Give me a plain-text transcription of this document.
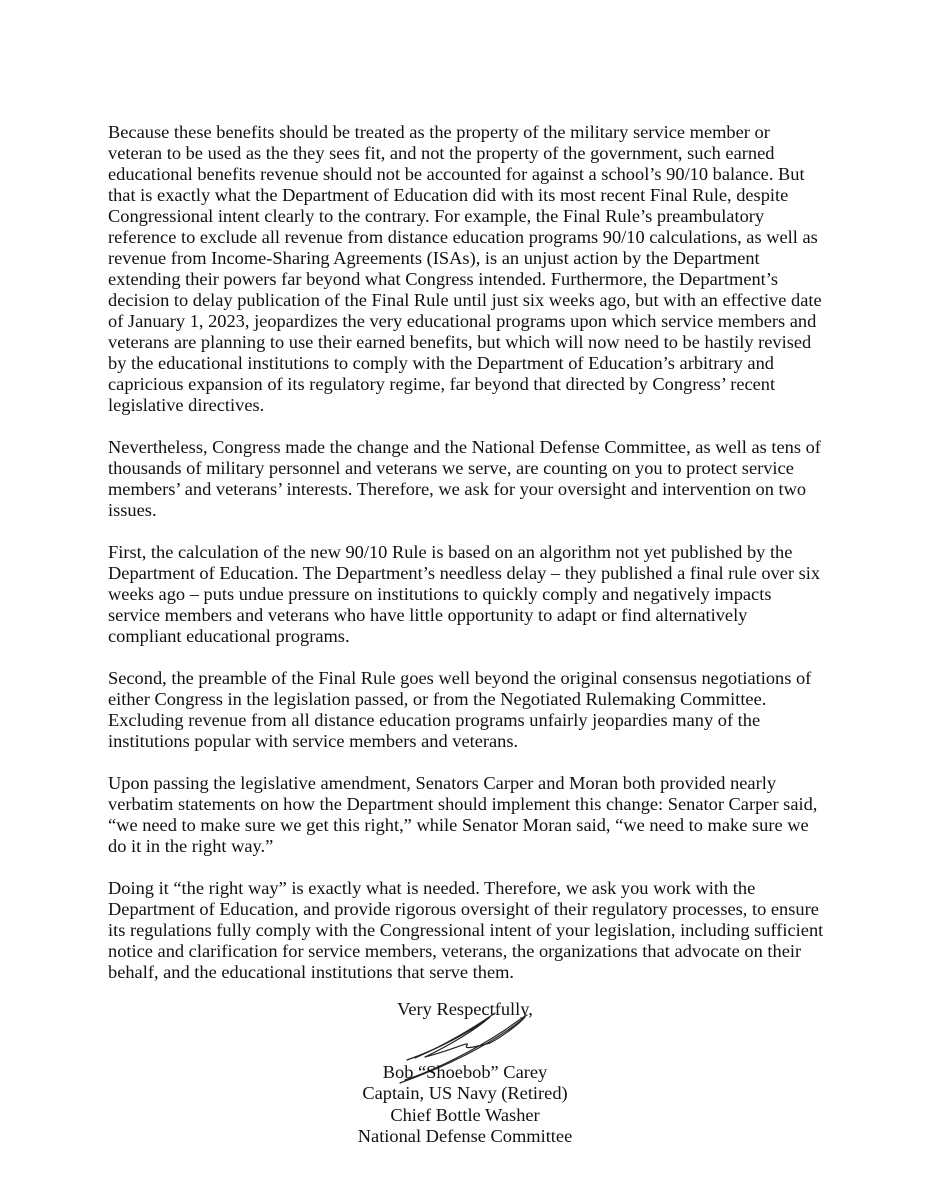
Because these benefits should be treated as the property of the military service member or
veteran to be used as the they sees fit, and not the property of the government, such earned
educational benefits revenue should not be accounted for against a school’s 90/10 balance. But
that is exactly what the Department of Education did with its most recent Final Rule, despite
Congressional intent clearly to the contrary. For example, the Final Rule’s preambulatory
reference to exclude all revenue from distance education programs 90/10 calculations, as well as
revenue from Income-Sharing Agreements (ISAs), is an unjust action by the Department
extending their powers far beyond what Congress intended. Furthermore, the Department’s
decision to delay publication of the Final Rule until just six weeks ago, but with an effective date
of January 1, 2023, jeopardizes the very educational programs upon which service members and
veterans are planning to use their earned benefits, but which will now need to be hastily revised
by the educational institutions to comply with the Department of Education’s arbitrary and
capricious expansion of its regulatory regime, far beyond that directed by Congress’ recent
legislative directives.

Nevertheless, Congress made the change and the National Defense Committee, as well as tens of
thousands of military personnel and veterans we serve, are counting on you to protect service
members’ and veterans’ interests. Therefore, we ask for your oversight and intervention on two
issues.

First, the calculation of the new 90/10 Rule is based on an algorithm not yet published by the
Department of Education. The Department’s needless delay – they published a final rule over six
weeks ago – puts undue pressure on institutions to quickly comply and negatively impacts
service members and veterans who have little opportunity to adapt or find alternatively
compliant educational programs.

Second, the preamble of the Final Rule goes well beyond the original consensus negotiations of
either Congress in the legislation passed, or from the Negotiated Rulemaking Committee.
Excluding revenue from all distance education programs unfairly jeopardies many of the
institutions popular with service members and veterans.

Upon passing the legislative amendment, Senators Carper and Moran both provided nearly
verbatim statements on how the Department should implement this change: Senator Carper said,
“we need to make sure we get this right,” while Senator Moran said, “we need to make sure we
do it in the right way.”

Doing it “the right way” is exactly what is needed. Therefore, we ask you work with the
Department of Education, and provide rigorous oversight of their regulatory processes, to ensure
its regulations fully comply with the Congressional intent of your legislation, including sufficient
notice and clarification for service members, veterans, the organizations that advocate on their
behalf, and the educational institutions that serve them.

Very Respectfully,
Bob “Shoebob” Carey
Captain, US Navy (Retired)
Chief Bottle Washer
National Defense Committee
